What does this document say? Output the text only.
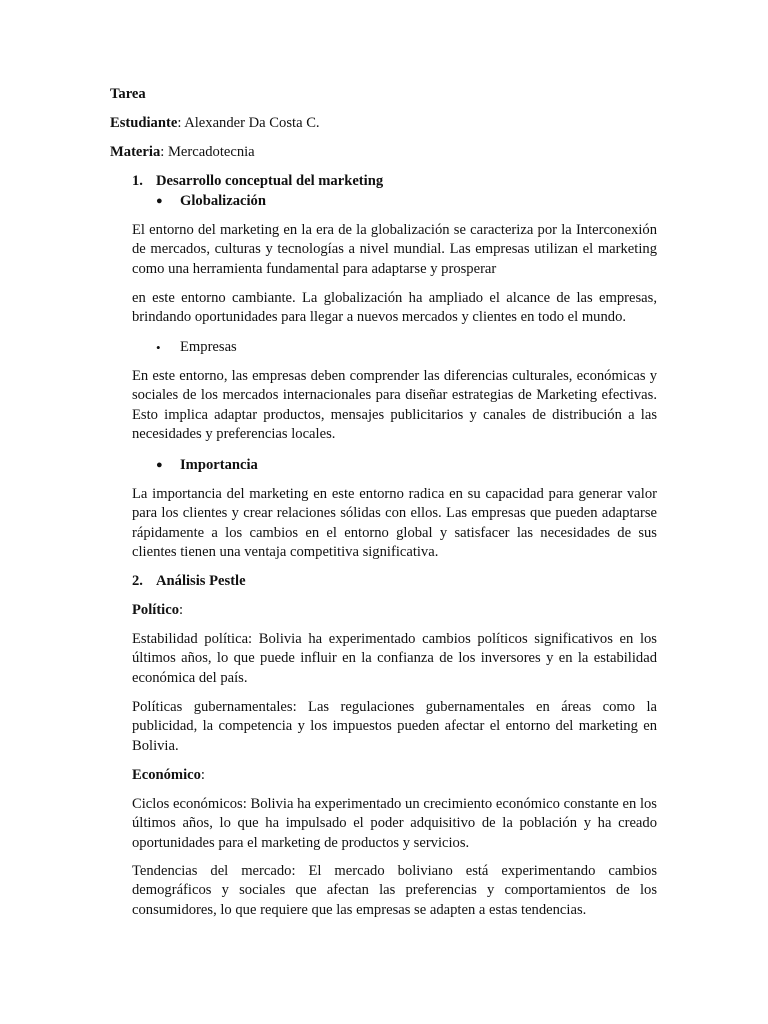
Tarea
Estudiante: Alexander Da Costa C.
Materia: Mercadotecnia
1. Desarrollo conceptual del marketing
● Globalización
El entorno del marketing en la era de la globalización se caracteriza por la Interconexión de mercados, culturas y tecnologías a nivel mundial. Las empresas utilizan el marketing como una herramienta fundamental para adaptarse y prosperar
en este entorno cambiante. La globalización ha ampliado el alcance de las empresas, brindando oportunidades para llegar a nuevos mercados y clientes en todo el mundo.
• Empresas
En este entorno, las empresas deben comprender las diferencias culturales, económicas y sociales de los mercados internacionales para diseñar estrategias de Marketing efectivas. Esto implica adaptar productos, mensajes publicitarios y canales de distribución a las necesidades y preferencias locales.
● Importancia
La importancia del marketing en este entorno radica en su capacidad para generar valor para los clientes y crear relaciones sólidas con ellos. Las empresas que pueden adaptarse rápidamente a los cambios en el entorno global y satisfacer las necesidades de sus clientes tienen una ventaja competitiva significativa.
2. Análisis Pestle
Político:
Estabilidad política: Bolivia ha experimentado cambios políticos significativos en los últimos años, lo que puede influir en la confianza de los inversores y en la estabilidad económica del país.
Políticas gubernamentales: Las regulaciones gubernamentales en áreas como la publicidad, la competencia y los impuestos pueden afectar el entorno del marketing en Bolivia.
Económico:
Ciclos económicos: Bolivia ha experimentado un crecimiento económico constante en los últimos años, lo que ha impulsado el poder adquisitivo de la población y ha creado oportunidades para el marketing de productos y servicios.
Tendencias del mercado: El mercado boliviano está experimentando cambios demográficos y sociales que afectan las preferencias y comportamientos de los consumidores, lo que requiere que las empresas se adapten a estas tendencias.
